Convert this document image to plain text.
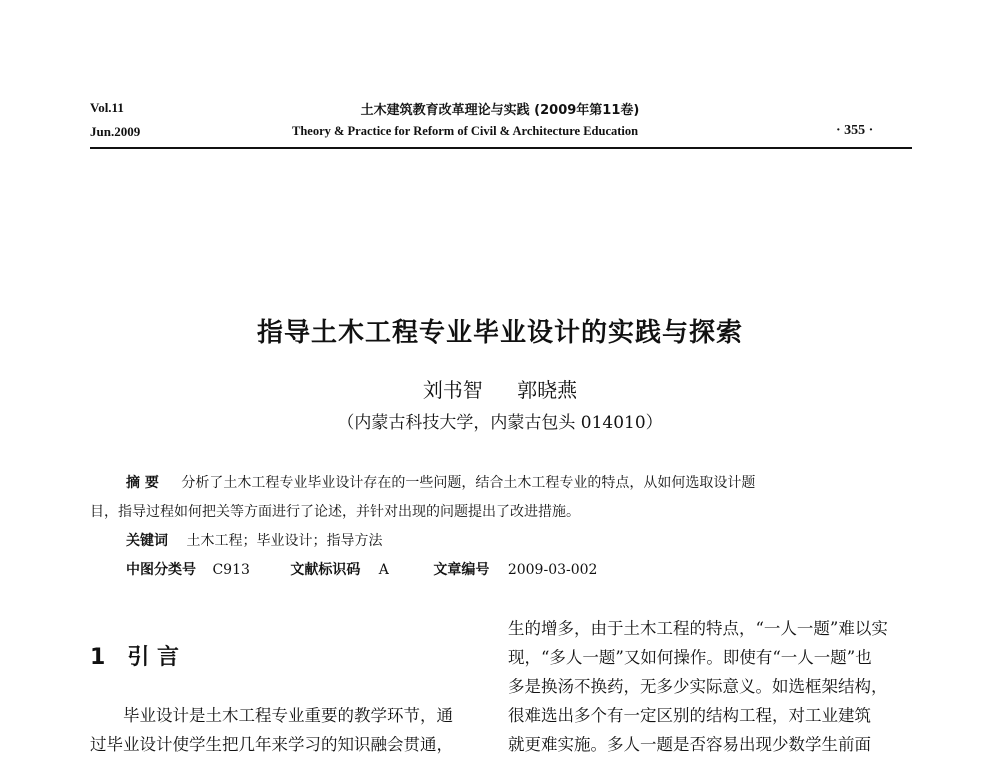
Vol.11
Jun.2009
土木建筑教育改革理论与实践 (2009年第11卷)
Theory & Practice for Reform of Civil & Architecture Education	· 355 ·
指导土木工程专业毕业设计的实践与探索
刘书智 郭晓燕
（内蒙古科技大学，内蒙古包头 014010）
摘 要 分析了土木工程专业毕业设计存在的一些问题，结合土木工程专业的特点，从如何选取设计题
目，指导过程如何把关等方面进行了论述，并针对出现的问题提出了改进措施。
关键词 土木工程；毕业设计；指导方法
中图分类号 C913	文献标识码 A	文章编号 2009-03-002
1 引 言
毕业设计是土木工程专业重要的教学环节，通
过毕业设计使学生把几年来学习的知识融会贯通，
生的增多，由于土木工程的特点，“一人一题”难以实
现，“多人一题”又如何操作。即使有“一人一题”也
多是换汤不换药，无多少实际意义。如选框架结构，
很难选出多个有一定区别的结构工程，对工业建筑
就更难实施。多人一题是否容易出现少数学生前面
